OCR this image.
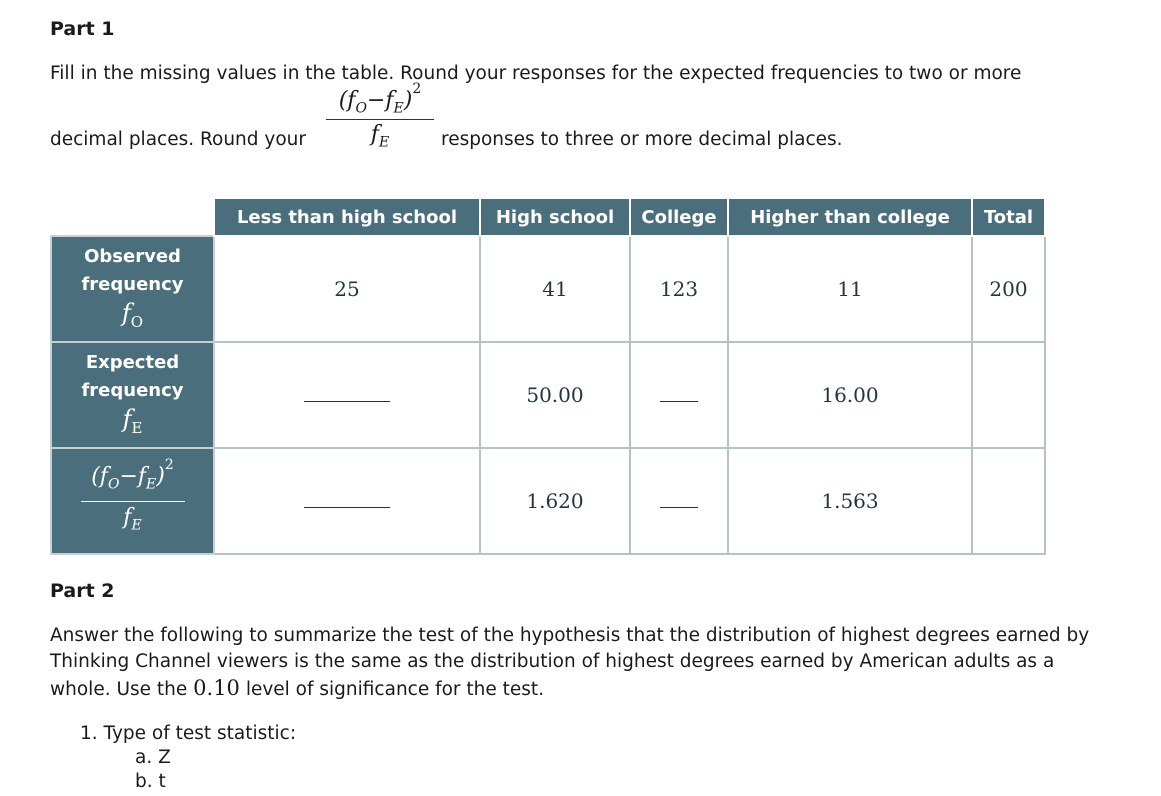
Part 1

Fill in the missing values in the table. Round your responses for the expected frequencies to two or more

decimal places. Round your

$(f_O-f_E)^2$
$f_E$	responses to three or more decimal places.

	Less than high school	High school	College	Higher than college	Total
Observed
frequency
$f_O$	25	41	123	11	200
Expected
frequency
$f_E$		50.00		16.00	

$\frac{(f_O-f_E)^2}{f_E}$		1.620		1.563	

Part 2

Answer the following to summarize the test of the hypothesis that the distribution of highest degrees earned by Thinking Channel viewers is the same as the distribution of highest degrees earned by American adults as a whole. Use the 0.10 level of significance for the test.

1. Type of test statistic:
a. Z
b. t
